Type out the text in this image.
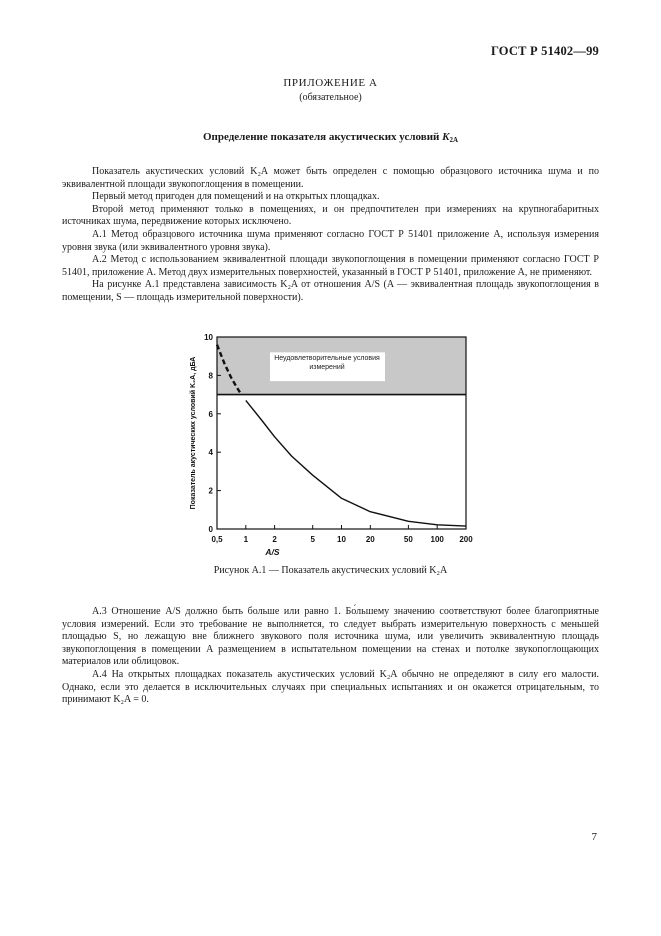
ГОСТ Р 51402—99
ПРИЛОЖЕНИЕ А
(обязательное)
Определение показателя акустических условий $K_{2A}$

Показатель акустических условий K₂A может быть определен с помощью образцового источника шума и по эквивалентной площади звукопоглощения в помещении.

Первый метод пригоден для помещений и на открытых площадках.

Второй метод применяют только в помещениях, и он предпочтителен при измерениях на крупногабаритных источниках шума, передвижение которых исключено.

А.1 Метод образцового источника шума применяют согласно ГОСТ Р 51401 приложение А, используя измерения уровня звука (или эквивалентного уровня звука).

А.2 Метод с использованием эквивалентной площади звукопоглощения в помещении применяют согласно ГОСТ Р 51401, приложение А. Метод двух измерительных поверхностей, указанный в ГОСТ Р 51401, приложение А, не применяют.

На рисунке А.1 представлена зависимость K₂A от отношения A/S (A — эквивалентная площадь звукопоглощения в помещении, S — площадь измерительной поверхности).

Неудовлетворительные условия измерений
0
2
4
6
8
10
0,5	1	2	5	10 20	50 100 200
A/S
Показатель акустических условий K₂A, дБА
Рисунок А.1 — Показатель акустических условий K₂A

А.3 Отношение A/S должно быть больше или равно 1. Бо́льшему значению соответствуют более благоприятные условия измерений. Если это требование не выполняется, то следует выбрать измерительную поверхность с меньшей площадью S, но лежащую вне ближнего звукового поля источника шума, или увеличить эквивалентную площадь звукопоглощения в помещении A размещением в испытательном помещении на стенах и потолке звукопоглощающих материалов или облицовок.

А.4 На открытых площадках показатель акустических условий K₂A обычно не определяют в силу его малости. Однако, если это делается в исключительных случаях при специальных испытаниях и он окажется отрицательным, то принимают K₂A = 0.

7
